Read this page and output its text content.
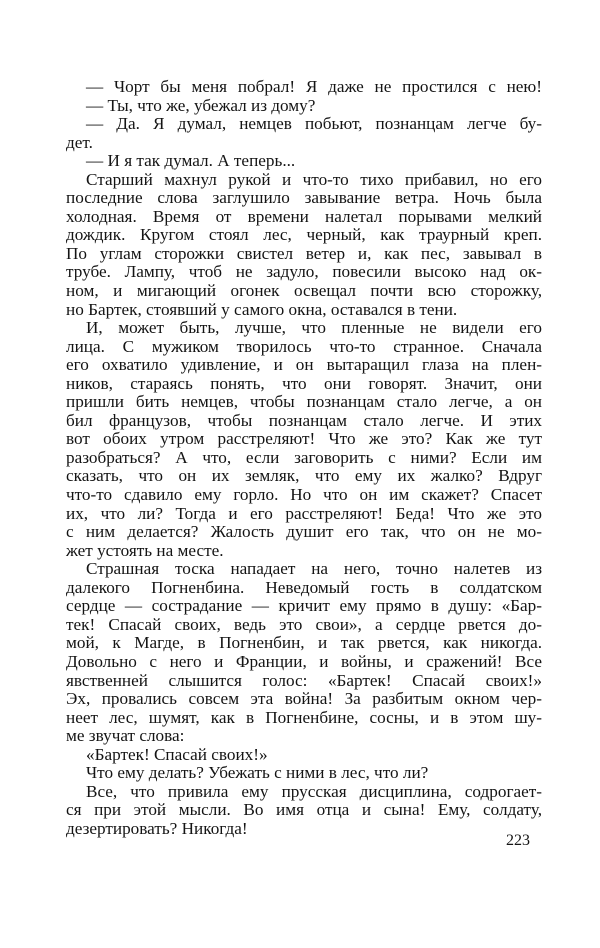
— Чорт бы меня побрал! Я даже не простился с нею!
— Ты, что же, убежал из дому?
— Да. Я думал, немцев побьют, познанцам легче бу-
дет.
— И я так думал. А теперь...
Старший махнул рукой и что-то тихо прибавил, но его
последние слова заглушило завывание ветра. Ночь была
холодная. Время от времени налетал порывами мелкий
дождик. Кругом стоял лес, черный, как траурный креп.
По углам сторожки свистел ветер и, как пес, завывал в
трубе. Лампу, чтоб не задуло, повесили высоко над ок-
ном, и мигающий огонек освещал почти всю сторожку,
но Бартек, стоявший у самого окна, оставался в тени.
И, может быть, лучше, что пленные не видели его
лица. С мужиком творилось что-то странное. Сначала
его охватило удивление, и он вытаращил глаза на плен-
ников, стараясь понять, что они говорят. Значит, они
пришли бить немцев, чтобы познанцам стало легче, а он
бил французов, чтобы познанцам стало легче. И этих
вот обоих утром расстреляют! Что же это? Как же тут
разобраться? А что, если заговорить с ними? Если им
сказать, что он их земляк, что ему их жалко? Вдруг
что-то сдавило ему горло. Но что он им скажет? Спасет
их, что ли? Тогда и его расстреляют! Беда! Что же это
с ним делается? Жалость душит его так, что он не мо-
жет устоять на месте.
Страшная тоска нападает на него, точно налетев из
далекого Погненбина. Неведомый гость в солдатском
сердце — сострадание — кричит ему прямо в душу: «Бар-
тек! Спасай своих, ведь это свои», а сердце рвется до-
мой, к Магде, в Погненбин, и так рвется, как никогда.
Довольно с него и Франции, и войны, и сражений! Все
явственней слышится голос: «Бартек! Спасай своих!»
Эх, провались совсем эта война! За разбитым окном чер-
неет лес, шумят, как в Погненбине, сосны, и в этом шу-
ме звучат слова:
«Бартек! Спасай своих!»
Что ему делать? Убежать с ними в лес, что ли?
Все, что привила ему прусская дисциплина, содрогает-
ся при этой мысли. Во имя отца и сына! Ему, солдату,
дезертировать? Никогда!
223
